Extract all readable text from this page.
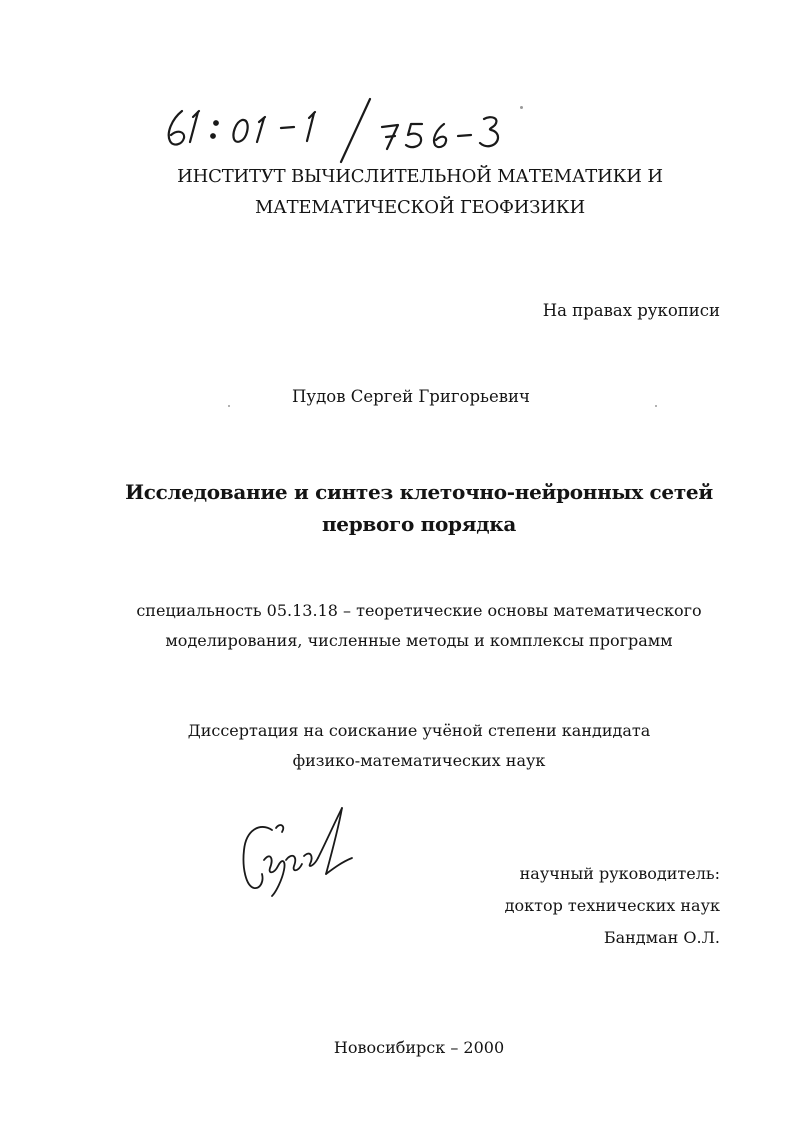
ИНСТИТУТ ВЫЧИСЛИТЕЛЬНОЙ МАТЕМАТИКИ И
МАТЕМАТИЧЕСКОЙ ГЕОФИЗИКИ
На правах рукописи
Пудов Сергей Григорьевич
Исследование и синтез клеточно-нейронных сетей
первого порядка
специальность 05.13.18 – теоретические основы математического
моделирования, численные методы и комплексы программ
Диссертация на соискание учёной степени кандидата
физико-математических наук
научный руководитель:
доктор технических наук
Бандман О.Л.
Новосибирск – 2000
